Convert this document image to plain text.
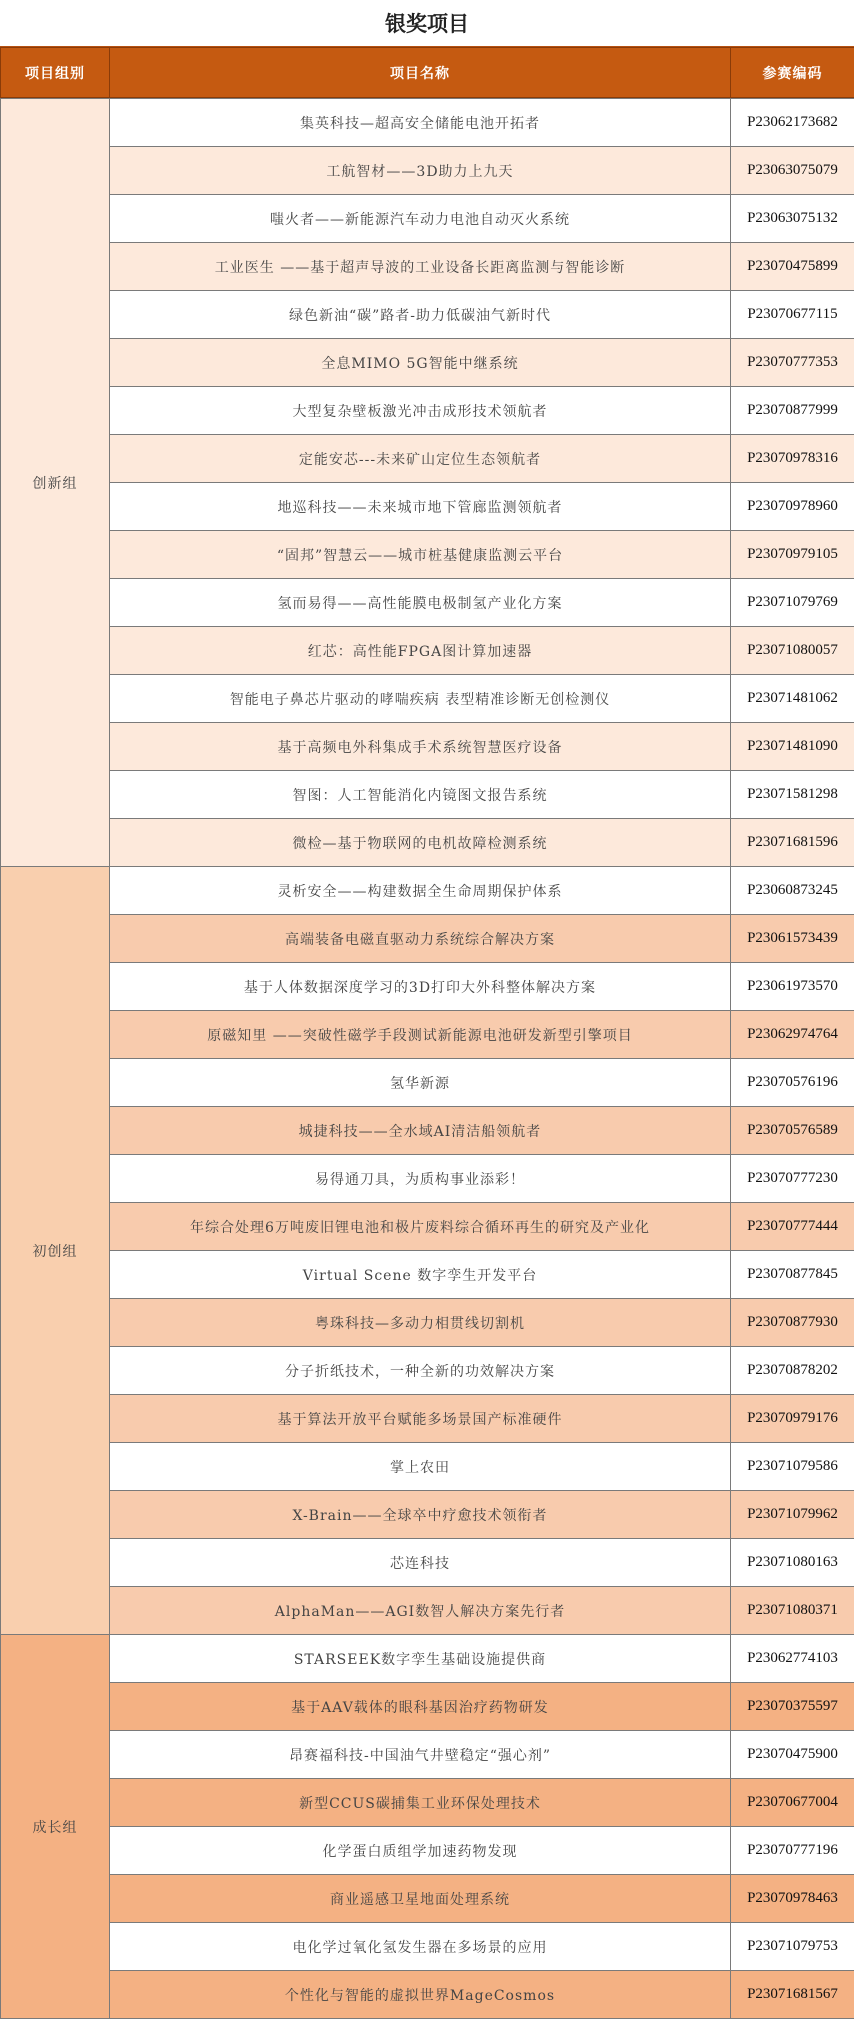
银奖项目
项目组别	项目名称	参赛编码
创新组	集英科技—超高安全储能电池开拓者	P23062173682
	工航智材——3D助力上九天	P23063075079
	嗤火者——新能源汽车动力电池自动灭火系统	P23063075132
	工业医生 ——基于超声导波的工业设备长距离监测与智能诊断	P23070475899
	绿色新油“碳”路者-助力低碳油气新时代	P23070677115
	全息MIMO 5G智能中继系统	P23070777353
	大型复杂壁板激光冲击成形技术领航者	P23070877999
	定能安芯---未来矿山定位生态领航者	P23070978316
	地巡科技——未来城市地下管廊监测领航者	P23070978960
	“固邦”智慧云——城市桩基健康监测云平台	P23070979105
	氢而易得——高性能膜电极制氢产业化方案	P23071079769
	红芯：高性能FPGA图计算加速器	P23071080057
	智能电子鼻芯片驱动的哮喘疾病 表型精准诊断无创检测仪	P23071481062
	基于高频电外科集成手术系统智慧医疗设备	P23071481090
	智图：人工智能消化内镜图文报告系统	P23071581298
	微检—基于物联网的电机故障检测系统	P23071681596
初创组	灵析安全——构建数据全生命周期保护体系	P23060873245
	高端装备电磁直驱动力系统综合解决方案	P23061573439
	基于人体数据深度学习的3D打印大外科整体解决方案	P23061973570
	原磁知里 ——突破性磁学手段测试新能源电池研发新型引擎项目	P23062974764
	氢华新源	P23070576196
	城捷科技——全水域AI清洁船领航者	P23070576589
	易得通刀具，为质构事业添彩！	P23070777230
	年综合处理6万吨废旧锂电池和极片废料综合循环再生的研究及产业化	P23070777444
	Virtual Scene 数字孪生开发平台	P23070877845
	粤珠科技—多动力相贯线切割机	P23070877930
	分子折纸技术，一种全新的功效解决方案	P23070878202
	基于算法开放平台赋能多场景国产标准硬件	P23070979176
	掌上农田	P23071079586
	X-Brain——全球卒中疗愈技术领衔者	P23071079962
	芯连科技	P23071080163
	AlphaMan——AGI数智人解决方案先行者	P23071080371
成长组	STARSEEK数字孪生基础设施提供商	P23062774103
	基于AAV载体的眼科基因治疗药物研发	P23070375597
	昂赛福科技-中国油气井壁稳定“强心剂”	P23070475900
	新型CCUS碳捕集工业环保处理技术	P23070677004
	化学蛋白质组学加速药物发现	P23070777196
	商业遥感卫星地面处理系统	P23070978463
	电化学过氧化氢发生器在多场景的应用	P23071079753
	个性化与智能的虚拟世界MageCosmos	P23071681567
